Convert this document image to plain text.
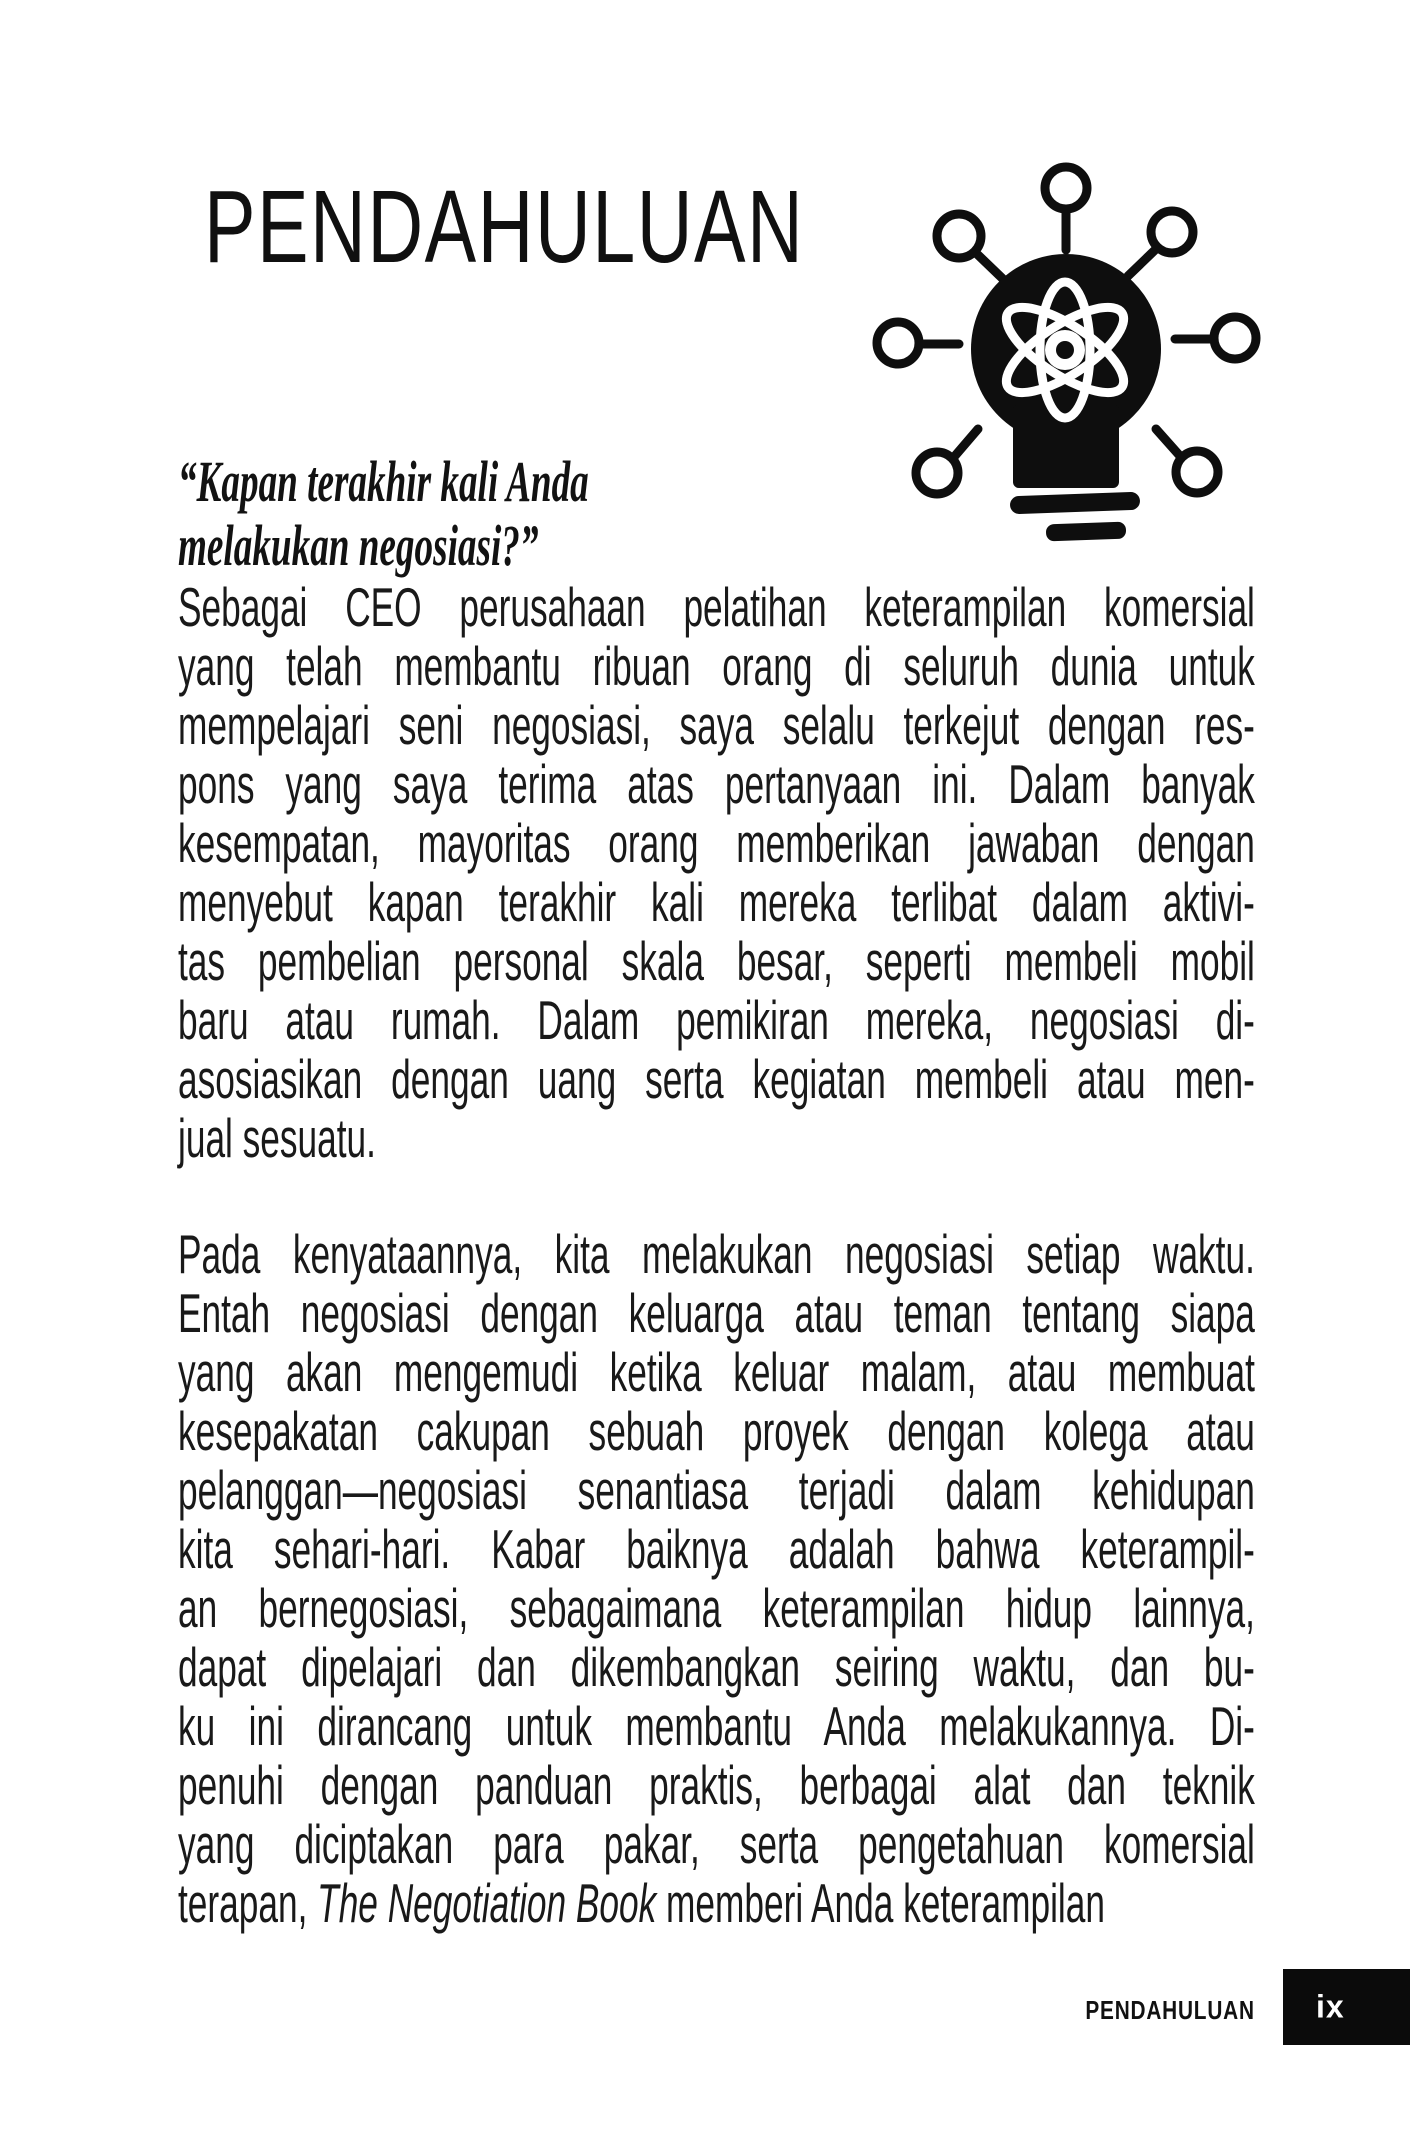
PENDAHULUAN
“Kapan terakhir kali Anda
melakukan negosiasi?”
Sebagai CEO perusahaan pelatihan keterampilan komersial
yang telah membantu ribuan orang di seluruh dunia untuk
mempelajari seni negosiasi, saya selalu terkejut dengan res-
pons yang saya terima atas pertanyaan ini. Dalam banyak
kesempatan, mayoritas orang memberikan jawaban dengan
menyebut kapan terakhir kali mereka terlibat dalam aktivi-
tas pembelian personal skala besar, seperti membeli mobil
baru atau rumah. Dalam pemikiran mereka, negosiasi di-
asosiasikan dengan uang serta kegiatan membeli atau men-
jual sesuatu.
Pada kenyataannya, kita melakukan negosiasi setiap waktu.
Entah negosiasi dengan keluarga atau teman tentang siapa
yang akan mengemudi ketika keluar malam, atau membuat
kesepakatan cakupan sebuah proyek dengan kolega atau
pelanggan—negosiasi senantiasa terjadi dalam kehidupan
kita sehari-hari. Kabar baiknya adalah bahwa keterampil-
an bernegosiasi, sebagaimana keterampilan hidup lainnya,
dapat dipelajari dan dikembangkan seiring waktu, dan bu-
ku ini dirancang untuk membantu Anda melakukannya. Di-
penuhi dengan panduan praktis, berbagai alat dan teknik
yang diciptakan para pakar, serta pengetahuan komersial
terapan, The Negotiation Book memberi Anda keterampilan
PENDAHULUAN ix
